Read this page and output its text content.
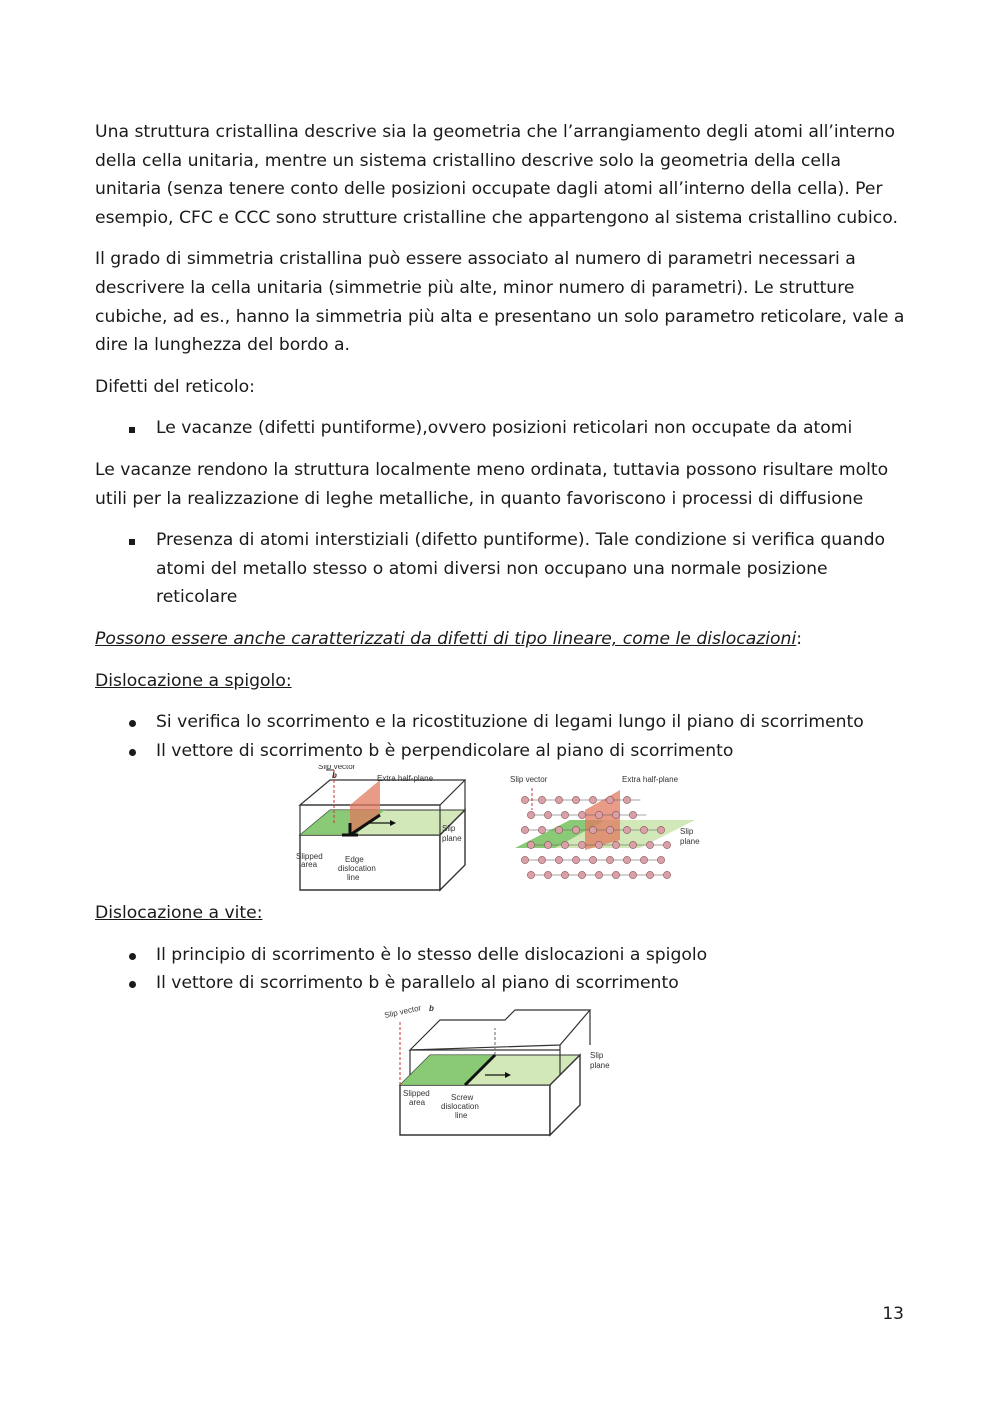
Una struttura cristallina descrive sia la geometria che l’arrangiamento degli atomi all’interno della cella unitaria, mentre un sistema cristallino descrive solo la geometria della cella unitaria (senza tenere conto delle posizioni occupate dagli atomi all’interno della cella). Per esempio, CFC e CCC sono strutture cristalline che appartengono al sistema cristallino cubico.

Il grado di simmetria cristallina può essere associato al numero di parametri necessari a descrivere la cella unitaria (simmetrie più alte, minor numero di parametri). Le strutture cubiche, ad es., hanno la simmetria più alta e presentano un solo parametro reticolare, vale a dire la lunghezza del bordo a.

Difetti del reticolo:

Le vacanze (difetti puntiforme),ovvero posizioni reticolari non occupate da atomi

Le vacanze rendono la struttura localmente meno ordinata, tuttavia possono risultare molto utili per la realizzazione di leghe metalliche, in quanto favoriscono i processi di diffusione

Presenza di atomi interstiziali (difetto puntiforme). Tale condizione si verifica quando atomi del metallo stesso o atomi diversi non occupano una normale posizione reticolare

Possono essere anche caratterizzati da difetti di tipo lineare, come le dislocazioni:

Dislocazione a spigolo:

Si verifica lo scorrimento e la ricostituzione di legami lungo il piano di scorrimento
Il vettore di scorrimento b è perpendicolare al piano di scorrimento
Slip vector
b	Extra half-plane
Slip
plane
Slipped
area
Edge
dislocation
line
Slip vector	Extra half-plane
Slip
plane

Dislocazione a vite:

Il principio di scorrimento è lo stesso delle dislocazioni a spigolo
Il vettore di scorrimento b è parallelo al piano di scorrimento
Slip vector b
Slip
plane
Slipped
area
Screw
dislocation
line
13
